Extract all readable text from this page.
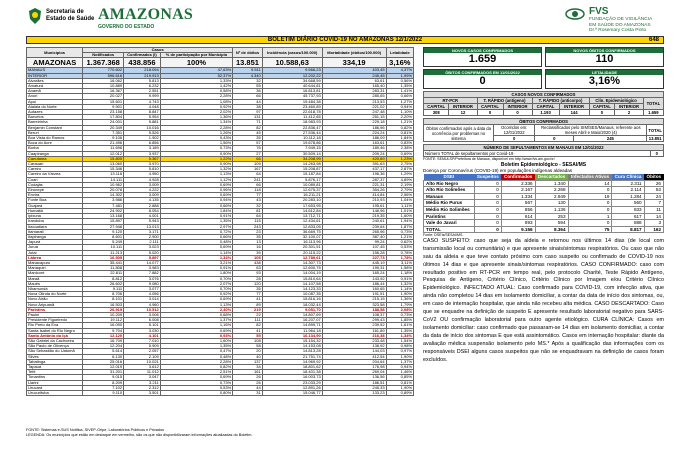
Secretaria de
Estado de Saúde AMAZONAS
GOVERNO DO ESTADO
FVS
FUNDAÇÃO DE VIGILÂNCIA
EM SAÚDE DO AMAZONAS
Dr.ª Rosemary Costa Pinto
BOLETIM DIÁRIO COVID-19 NO AMAZONAS 12/1/2022	648
Municípios	Casos			Nº de óbitos	Incidência (casos/100.000)	Mortalidade (óbitos/100.000)	Letalidade
	Notificados	Confirmados (I)	% de participação por Município				
AMAZONAS	1.367.368	438.856	100%	13.851	10.588,63	334,19	3,16%
MANAUS	770.602	218.094	47,63%	9.511	9.566,23	403,45	4,37%
INTERIOR	596.616	219.913	52,37%	4.340	12.202,22	245,45	1,99%
Alvarães	16.062	5.813	1,33%	32	34.668,59	63,61	0,56%
Amaturá	10.889	6.232	1,42%	55	40.644,81	165,40	1,35%
Anamã	16.367	2.551	0,58%	36	16.813,81	283,31	1,41%
Anori	20.027	9.999	2,28%	66	45.737,93	285,65	0,66%
Apuí	15.601	4.743	1,08%	44	19.484,38	213,53	1,27%
Atalaia do Norte	9.901	4.048	0,92%	38	23.460,89	221,02	0,94%
Autazes	23.158	8.847	2,02%	97	22.618,78	247,48	1,10%
Barcelos	17.804	5.954	1,36%	131	11.412,65	251,15	2,20%
Barreirinha	24.001	5.881	1,34%	71	18.983,93	229,18	1,21%
Benjamin Constant	20.349	10.016	2,28%	82	22.836,47	186,96	0,82%
Beruri	7.351	5.526	1,26%	45	27.536,44	224,24	0,81%
Boa Vista do Ramos	9.106	1.902	0,43%	35	10.112,18	186,09	1,84%
Boca do Acre	21.496	6.856	1,56%	57	19.678,86	163,61	0,83%
Borba	11.696	3.189	0,73%	76	7.949,15	189,46	2,38%
Caapiranga	12.012	3.937	0,90%	27	30.509,14	209,24	0,69%
Canutama	15.805	5.367	1,22%	66	34.208,99	420,69	1,23%
Carauari	13.060	3.970	0,90%	109	14.263,98	391,63	2,75%
Careiro	15.346	5.810	1,32%	167	15.208,87	437,17	2,87%
Careiro da Várzea	13.116	4.950	1,13%	64	15.187,84	196,36	1,29%
Coari	14.111	4.928	1,12%	241	5.876,17	287,37	4,89%
Codajás	10.962	3.009	0,69%	66	10.089,81	221,31	2,19%
Eirunepé	20.078	4.222	0,96%	118	12.675,37	354,26	2,79%
Envira	14.302	3.009	0,69%	77	16.211,21	414,84	2,56%
Fonte Boa	3.986	4.135	0,94%	43	20.283,10	210,93	1,04%
Guajará	7.481	2.888	0,66%	32	17.653,95	195,61	1,11%
Humaitá	24.902	8.054	1,84%	81	14.612,84	146,96	1,01%
Ipixuna	13.168	4.001	0,91%	64	13.712,71	219,35	1,60%
Iranduba	15.897	5.943	1,35%	115	12.434,61	240,61	1,94%
Itacoatiara	27.946	13.013	2,97%	243	12.833,05	239,64	1,87%
Itamarati	9.120	3.171	0,72%	23	36.669,75	265,96	0,73%
Itapiranga	8.601	2.900	0,66%	35	32.100,07	387,40	1,21%
Japurá	5.249	2.111	0,48%	13	16.113,96	99,24	0,62%
Juruá	10.111	3.023	0,69%	16	20.301,51	107,45	0,53%
Jutaí	11.213	5.020	1,14%	39	20.115,22	156,28	0,78%
Lábrea	16.505	5.897	1,34%	105	12.789,61	227,73	1,78%
Manacapuru	35.441	14.077	3,21%	438	14.307,73	445,19	3,11%
Manaquiri	11.808	3.983	0,91%	63	12.600,75	199,31	1,58%
Manicoré	22.811	7.882	1,80%	93	14.004,19	165,24	1,18%
Maraã	8.812	3.076	0,70%	28	15.810,64	143,92	0,91%
Maués	26.602	9.080	2,07%	120	14.107,58	186,44	1,32%
Nhamundá	9.111	3.077	0,70%	35	14.123,33	160,65	1,14%
Nova Olinda do Norte	8.706	4.056	0,92%	77	10.087,35	191,51	1,90%
Novo Airão	8.101	3.014	0,69%	41	15.816,16	215,15	1,36%
Novo Aripuanã	16.503	4.960	1,13%	89	18.032,44	323,58	1,79%
Parintins	26.919	10.512	2,40%	219	9.051,70	188,58	2,08%
Pauini	10.209	3.006	0,68%	22	14.807,69	108,37	0,73%
Presidente Figueiredo	19.112	6.008	1,37%	111	16.207,07	299,43	1,85%
Rio Preto da Eva	16.090	5.101	1,16%	82	14.899,71	239,52	1,61%
Santa Isabel do Rio Negro	9.704	3.030	0,69%	41	11.964,18	161,89	1,35%
Santo Antônio do Içá	12.120	4.101	0,93%	55	16.134,90	216,38	1,34%
São Gabriel da Cachoeira	16.709	7.010	1,60%	108	15.154,32	233,48	1,54%
São Paulo de Olivença	12.204	5.909	1,35%	58	14.153,08	138,92	0,98%
São Sebastião do Uatumã	5.614	2.057	0,47%	20	14.813,28	144,03	0,97%
Silves	6.130	2.109	0,48%	40	21.751,74	412,54	1,90%
Tabatinga	25.016	10.021	2,28%	137	14.969,92	204,64	1,37%
Tapauá	12.019	3.612	0,82%	34	18.801,62	176,98	0,94%
Tefé	31.201	11.012	2,51%	161	18.401,38	269,04	1,46%
Tonantins	9.015	3.047	0,69%	26	16.003,73	136,56	0,85%
Uarini	8.209	3.211	0,73%	26	23.033,29	186,51	0,81%
Urucará	7.102	2.312	0,53%	44	12.891,26	245,33	1,90%
Urucurituba	9.110	3.501	0,80%	31	15.046,77	133,23	0,89%
FONTE: Sistemas e-SUS Notifica, SIVEP-Gripe, Laboratórios Públicos e Privados
LEGENDA: Os municípios que estão em destaque em vermelho, são os que não disponibilizaram informações atualizadas do Boletim.
NOVOS CASOS CONFIRMADOS
1.659
NOVOS ÓBITOS CONFIRMADOS
110
ÓBITOS CONFIRMADOS EM 11/01/2022
0
LETALIDADE
3,16%
CASOS NOVOS CONFIRMADOS								
RT-PCR		T. RÁPIDO (antígeno)		T. RÁPIDO (anticorpo)		Clín. Epidemiológico		TOTAL
CAPITAL	INTERIOR	CAPITAL	INTERIOR	CAPITAL	INTERIOR	CAPITAL	INTERIOR	
308	12	0	0	1.193	144	0	2	1.659
ÓBITOS CONFIRMADOS				
Óbitos confirmados após a data da ocorrência por problemas no sistema	Ocorridos em: 12/01/2022	Reclassificados pelo SIM/SES/Manaus, referente aos meses Abril e Maio/2020 (4)		TOTAL
	0	0	245	13.851
NÚMERO DE SEPULTAMENTOS EM MANAUS EM 12/01/2022
Número TOTAL de sepultamentos por Covid-19	0
FONTE: SEMULSP/Prefeitura de Manaus, disponível em http://www.fvs.am.gov.br/
Boletim Epidemiológico - SESAI/MS
Doença por Coronavírus (COVID-19) em populações indígenas aldeadas
DSEI	Suspeitos	Confirmados	Descartados	Infectados Ativos	Cura Clínica	Óbitos
Alto Rio Negro	0	2.336	1.340	14	2.311	26
Alto Rio Solimões	0	2.167	2.268	0	2.114	53
Manaus	0	1.334	2.949	19	1.284	24
Médio Rio Purus	0	567	130	0	560	7
Médio Rio Solimões	0	856	1.136	0	833	11
Parintins	0	614	253	1	617	14
Vale do Javari	0	893	594	0	888	3
TOTAL	0	9.156	8.364	75	8.817	162
Fonte: DSEIs/SESAI/MS.
CASO SUSPEITO: caso que seja da aldeia e retornou nos últimos 14 dias (de local com transmissão local ou comunitária) e que apresente sinais/sintomas respiratórios. Ou caso que não saiu da aldeia e que teve contato próximo com caso suspeito ou confirmado de COVID-19 nos últimos 14 dias e que apresente sinais/sintomas respiratórios. CASO CONFIRMADO: caso com resultado positivo em RT-PCR em tempo real, pelo protocolo Charité, Teste Rápido Antígeno, Pesquisa de Antígeno, Critério Clínico, Critério Clínico por Imagem e/ou Critério Clínico Epidemiológico. INFECTADO ATUAL: Caso confirmado para COVID-19, com infecção ativa, que ainda não completou 14 dias em isolamento domiciliar, a contar da data de início dos sintomas, ou, em caso de internação hospitalar, que ainda não recebeu alta médica. CASO DESCARTADO: Caso que se enquadre na definição de suspeito E apresente resultado laboratorial negativo para SARS-CoV2 OU confirmação laboratorial para outro agente etiológico. CURA CLÍNICA: Casos em isolamento domiciliar: caso confirmado que passaram-se 14 dias em isolamento domiciliar, a contar da data de início dos sintomas E que está assintomático. Casos em internação hospitalar: diante da avaliação médica suspensão isolamento pelo MS.* Após a qualificação das informações com os responsáveis DSEI alguns casos suspeitos que não se enquadravam na definição de casos foram excluídos.
